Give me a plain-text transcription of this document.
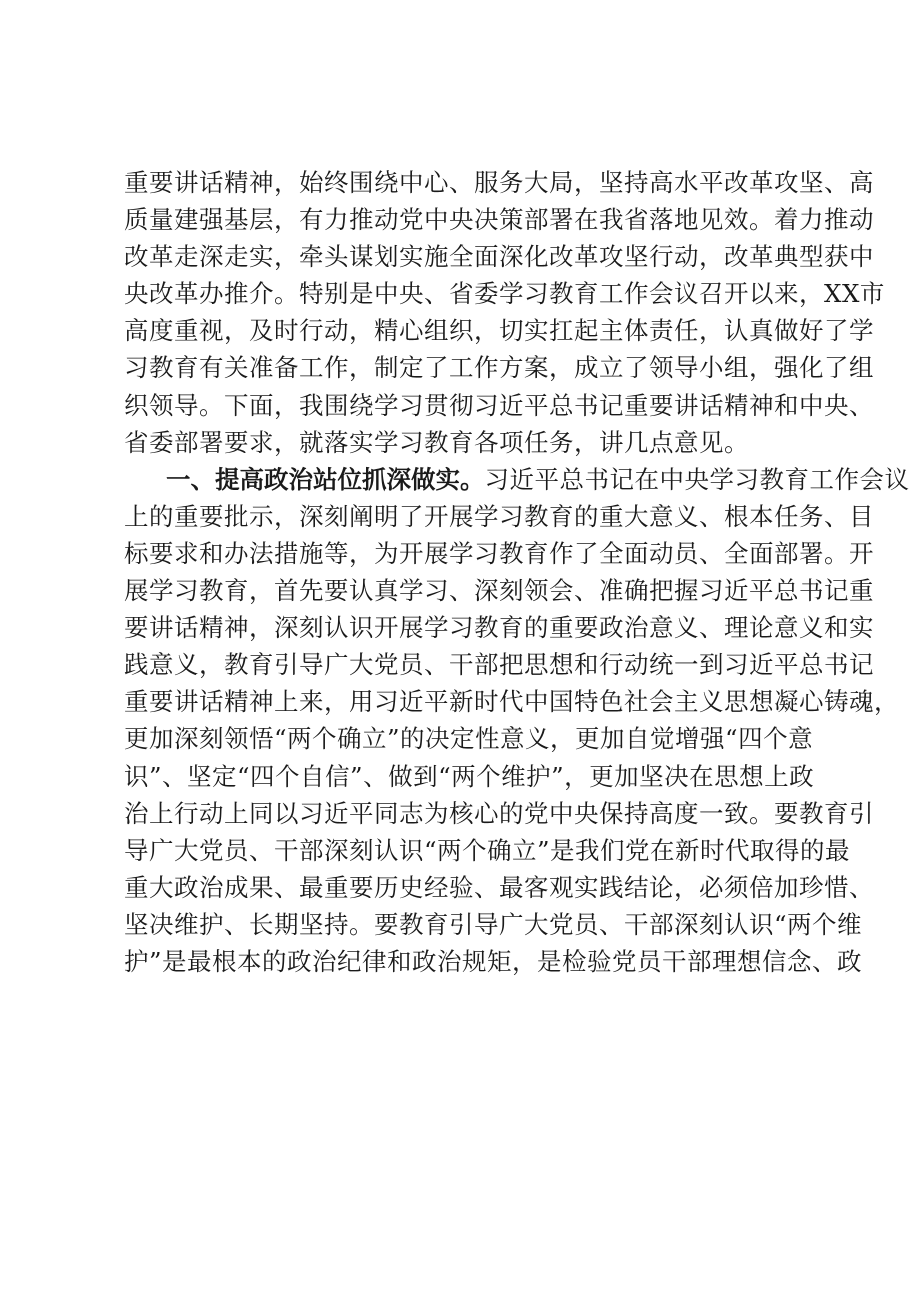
重要讲话精神，始终围绕中心、服务大局，坚持高水平改革攻坚、高
质量建强基层，有力推动党中央决策部署在我省落地见效。着力推动
改革走深走实，牵头谋划实施全面深化改革攻坚行动，改革典型获中
央改革办推介。特别是中央、省委学习教育工作会议召开以来，XX市
高度重视，及时行动，精心组织，切实扛起主体责任，认真做好了学
习教育有关准备工作，制定了工作方案，成立了领导小组，强化了组
织领导。下面，我围绕学习贯彻习近平总书记重要讲话精神和中央、
省委部署要求，就落实学习教育各项任务，讲几点意见。
一、提高政治站位抓深做实。习近平总书记在中央学习教育工作会议
上的重要批示，深刻阐明了开展学习教育的重大意义、根本任务、目
标要求和办法措施等，为开展学习教育作了全面动员、全面部署。开
展学习教育，首先要认真学习、深刻领会、准确把握习近平总书记重
要讲话精神，深刻认识开展学习教育的重要政治意义、理论意义和实
践意义，教育引导广大党员、干部把思想和行动统一到习近平总书记
重要讲话精神上来，用习近平新时代中国特色社会主义思想凝心铸魂，
更加深刻领悟“两个确立”的决定性意义，更加自觉增强“四个意
识”、坚定“四个自信”、做到“两个维护”，更加坚决在思想上政
治上行动上同以习近平同志为核心的党中央保持高度一致。要教育引
导广大党员、干部深刻认识“两个确立”是我们党在新时代取得的最
重大政治成果、最重要历史经验、最客观实践结论，必须倍加珍惜、
坚决维护、长期坚持。要教育引导广大党员、干部深刻认识“两个维
护”是最根本的政治纪律和政治规矩，是检验党员干部理想信念、政
